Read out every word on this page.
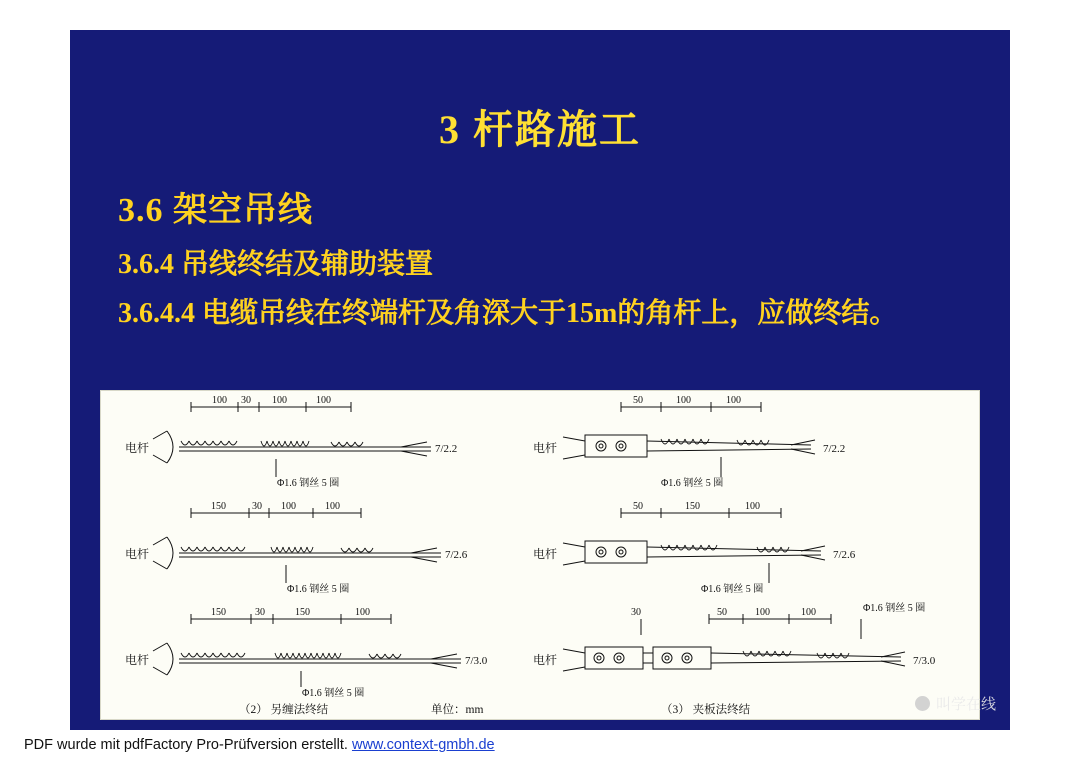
3 杆路施工
3.6 架空吊线
3.6.4 吊线终结及辅助装置
3.6.4.4 电缆吊线在终端杆及角深大于15m的角杆上，应做终结。
电杆
100 30 100	100
7/2.2
Φ1.6 钢丝 5 圈
电杆
150	30 100	100
7/2.6
Φ1.6 钢丝 5 圈
电杆
150	30	150	100
7/3.0
Φ1.6 钢丝 5 圈
（2） 另缠法终结	单位：mm
电杆
50	100	100
7/2.2
Φ1.6 钢丝 5 圈
电杆
50	150	100
7/2.6
Φ1.6 钢丝 5 圈
电杆
30	50	100	100
7/3.0
Φ1.6 钢丝 5 圈
（3） 夹板法终结	叫学在线
PDF wurde mit pdfFactory Pro-Prüfversion erstellt. www.context-gmbh.de
